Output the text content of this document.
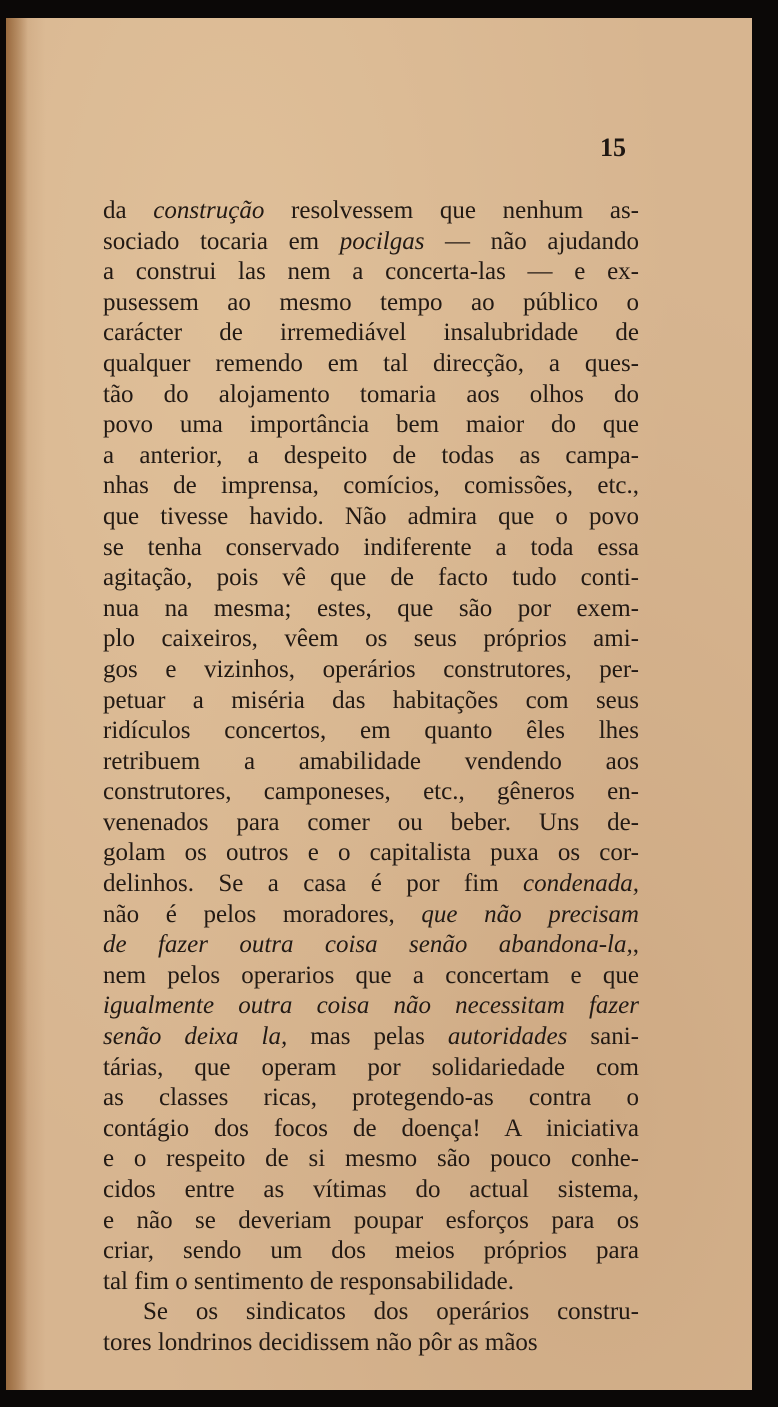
15
da construção resolvessem que nenhum as-
sociado tocaria em pocilgas — não ajudando
a construi las nem a concerta-las — e ex-
pusessem ao mesmo tempo ao público o
carácter de irremediável insalubridade de
qualquer remendo em tal direcção, a ques-
tão do alojamento tomaria aos olhos do
povo uma importância bem maior do que
a anterior, a despeito de todas as campa-
nhas de imprensa, comícios, comissões, etc.,
que tivesse havido. Não admira que o povo
se tenha conservado indiferente a toda essa
agitação, pois vê que de facto tudo conti-
nua na mesma; estes, que são por exem-
plo caixeiros, vêem os seus próprios ami-
gos e vizinhos, operários construtores, per-
petuar a miséria das habitações com seus
ridículos concertos, em quanto êles lhes
retribuem a amabilidade vendendo aos
construtores, camponeses, etc., gêneros en-
venenados para comer ou beber. Uns de-
golam os outros e o capitalista puxa os cor-
delinhos. Se a casa é por fim condenada,
não é pelos moradores, que não precisam
de fazer outra coisa senão abandona-la,,
nem pelos operarios que a concertam e que
igualmente outra coisa não necessitam fazer
senão deixa la, mas pelas autoridades sani-
tárias, que operam por solidariedade com
as classes ricas, protegendo-as contra o
contágio dos focos de doença! A iniciativa
e o respeito de si mesmo são pouco conhe-
cidos entre as vítimas do actual sistema,
e não se deveriam poupar esforços para os
criar, sendo um dos meios próprios para
tal fim o sentimento de responsabilidade.
Se os sindicatos dos operários constru-
tores londrinos decidissem não pôr as mãos
